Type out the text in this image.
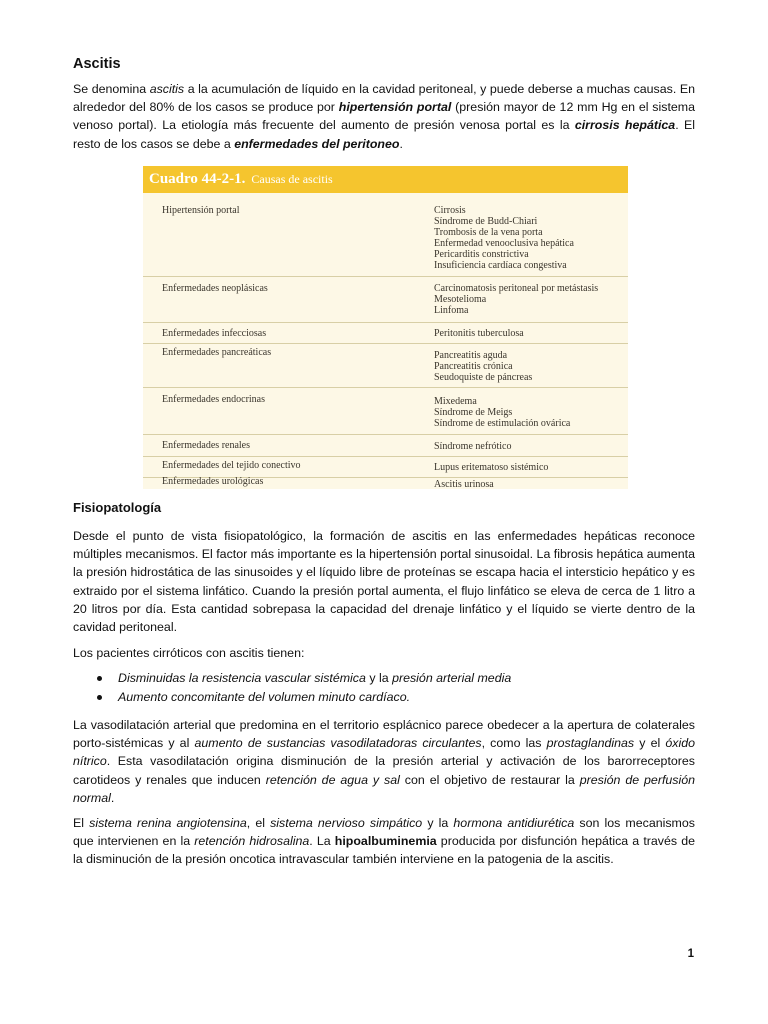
Ascitis

Se denomina ascitis a la acumulación de líquido en la cavidad peritoneal, y puede deberse a muchas causas. En alrededor del 80% de los casos se produce por hipertensión portal (presión mayor de 12 mm Hg en el sistema venoso portal). La etiología más frecuente del aumento de presión venosa portal es la cirrosis hepática. El resto de los casos se debe a enfermedades del peritoneo.

Cuadro 44-2-1. Causas de ascitis
Hipertensión portal	Cirrosis
Síndrome de Budd-Chiari
Trombosis de la vena porta
Enfermedad venooclusiva hepática
Pericarditis constrictiva
Insuficiencia cardíaca congestiva
Enfermedades neoplásicas	Carcinomatosis peritoneal por metástasis
Mesotelioma
Linfoma
Enfermedades infecciosas	Peritonitis tuberculosa
Enfermedades pancreáticas	Pancreatitis aguda
Pancreatitis crónica
Seudoquiste de páncreas
Enfermedades endocrinas	Mixedema
Síndrome de Meigs
Síndrome de estimulación ovárica
Enfermedades renales	Síndrome nefrótico
Enfermedades del tejido conectivo	Lupus eritematoso sistémico
Enfermedades urológicas	Ascitis urinosa
Fisiopatología

Desde el punto de vista fisiopatológico, la formación de ascitis en las enfermedades hepáticas reconoce múltiples mecanismos. El factor más importante es la hipertensión portal sinusoidal. La fibrosis hepática aumenta la presión hidrostática de las sinusoides y el líquido libre de proteínas se escapa hacia el intersticio hepático y es extraido por el sistema linfático. Cuando la presión portal aumenta, el flujo linfático se eleva de cerca de 1 litro a 20 litros por día. Esta cantidad sobrepasa la capacidad del drenaje linfático y el líquido se vierte dentro de la cavidad peritoneal.

Los pacientes cirróticos con ascitis tienen:

Disminuidas la resistencia vascular sistémica y la presión arterial media
Aumento concomitante del volumen minuto cardíaco.

La vasodilatación arterial que predomina en el territorio esplácnico parece obedecer a la apertura de colaterales porto-sistémicas y al aumento de sustancias vasodilatadoras circulantes, como las prostaglandinas y el óxido nítrico. Esta vasodilatación origina disminución de la presión arterial y activación de los barorreceptores carotideos y renales que inducen retención de agua y sal con el objetivo de restaurar la presión de perfusión normal.

El sistema renina angiotensina, el sistema nervioso simpático y la hormona antidiurética son los mecanismos que intervienen en la retención hidrosalina. La hipoalbuminemia producida por disfunción hepática a través de la disminución de la presión oncotica intravascular también interviene en la patogenia de la ascitis.

1
